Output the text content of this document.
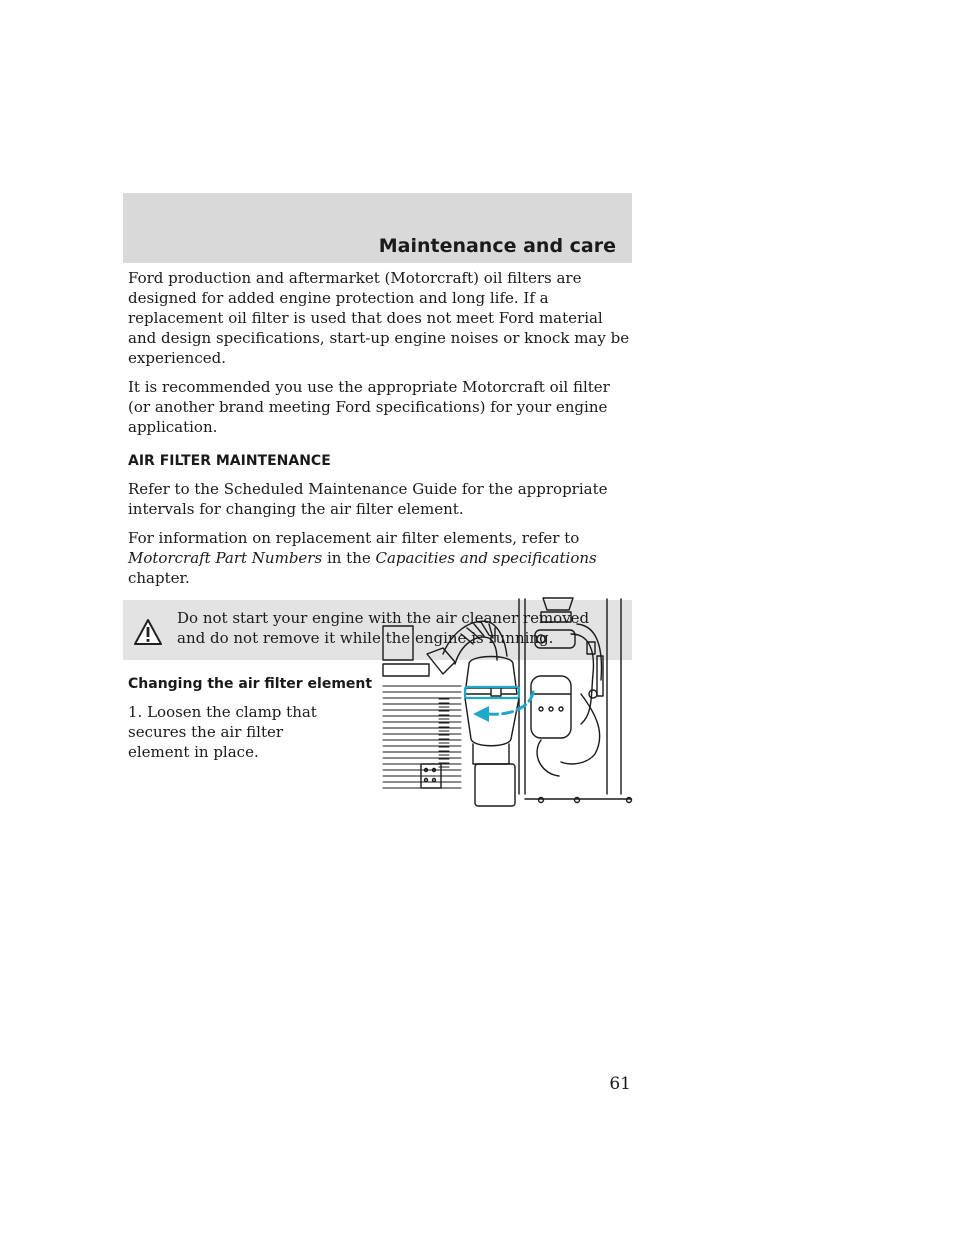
Maintenance and care

Ford production and aftermarket (Motorcraft) oil filters are designed for added engine protection and long life. If a replacement oil filter is used that does not meet Ford material and design specifications, start-up engine noises or knock may be experienced.

It is recommended you use the appropriate Motorcraft oil filter (or another brand meeting Ford specifications) for your engine application.

AIR FILTER MAINTENANCE

Refer to the Scheduled Maintenance Guide for the appropriate intervals for changing the air filter element.

For information on replacement air filter elements, refer to Motorcraft Part Numbers in the Capacities and specifications chapter.

Do not start your engine with the air cleaner removed and do not remove it while the engine is running.
Changing the air filter element
1. Loosen the clamp that secures the air filter element in place.
61
